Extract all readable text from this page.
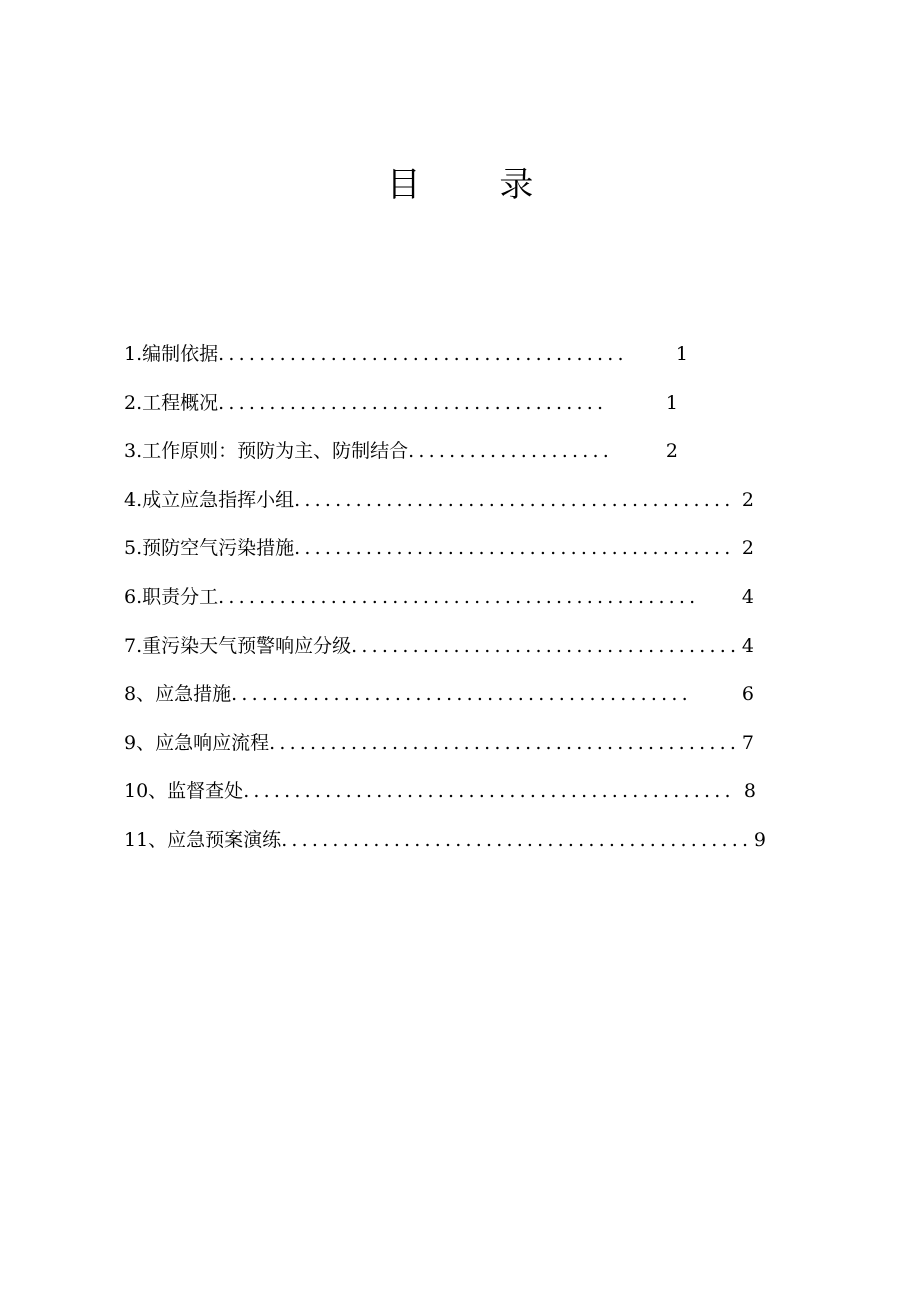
目 录
1.编制依据 ........................................	1
2.工程概况 ......................................	1
3.工作原则：预防为主、防制结合 ....................	2
4.成立应急指挥小组 ........................................... 2
5.预防空气污染措施 ........................................... 2
6.职责分工 ...............................................	4
7.重污染天气预警响应分级 ...................................... 4
8、应急措施 .............................................	6
9、应急响应流程 .............................................. 7
10、监督查处 ................................................ 8
11、应急预案演练 .............................................. 9
